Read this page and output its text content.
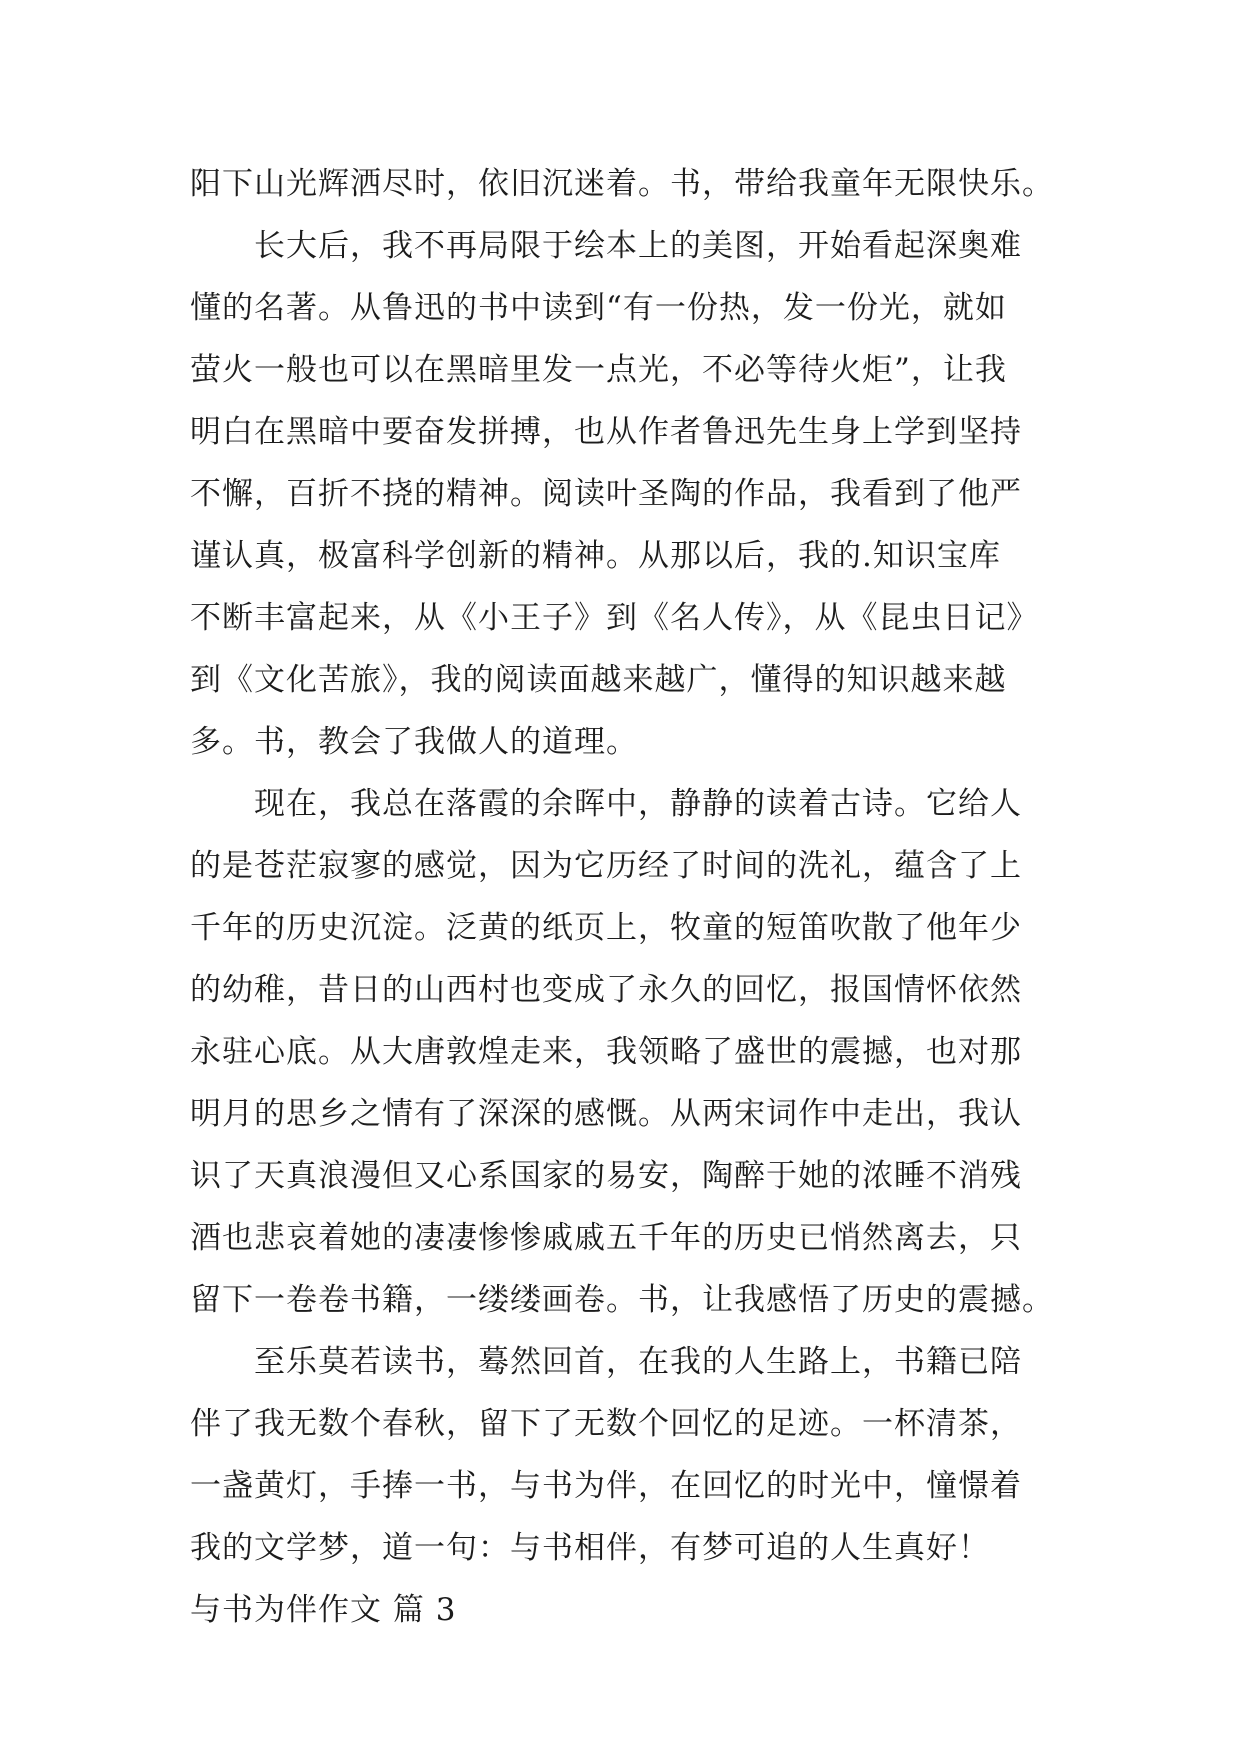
阳下山光辉洒尽时，依旧沉迷着。书，带给我童年无限快乐。
长大后，我不再局限于绘本上的美图，开始看起深奥难
懂的名著。从鲁迅的书中读到“有一份热，发一份光，就如
萤火一般也可以在黑暗里发一点光，不必等待火炬”，让我
明白在黑暗中要奋发拼搏，也从作者鲁迅先生身上学到坚持
不懈，百折不挠的精神。阅读叶圣陶的作品，我看到了他严
谨认真，极富科学创新的精神。从那以后，我的.知识宝库
不断丰富起来，从《小王子》到《名人传》，从《昆虫日记》
到《文化苦旅》，我的阅读面越来越广，懂得的知识越来越
多。书，教会了我做人的道理。
现在，我总在落霞的余晖中，静静的读着古诗。它给人
的是苍茫寂寥的感觉，因为它历经了时间的洗礼，蕴含了上
千年的历史沉淀。泛黄的纸页上，牧童的短笛吹散了他年少
的幼稚，昔日的山西村也变成了永久的回忆，报国情怀依然
永驻心底。从大唐敦煌走来，我领略了盛世的震撼，也对那
明月的思乡之情有了深深的感慨。从两宋词作中走出，我认
识了天真浪漫但又心系国家的易安，陶醉于她的浓睡不消残
酒也悲哀着她的凄凄惨惨戚戚五千年的历史已悄然离去，只
留下一卷卷书籍，一缕缕画卷。书，让我感悟了历史的震撼。
至乐莫若读书，蓦然回首，在我的人生路上，书籍已陪
伴了我无数个春秋，留下了无数个回忆的足迹。一杯清茶，
一盏黄灯，手捧一书，与书为伴，在回忆的时光中，憧憬着
我的文学梦，道一句：与书相伴，有梦可追的人生真好！
与书为伴作文 篇 3
